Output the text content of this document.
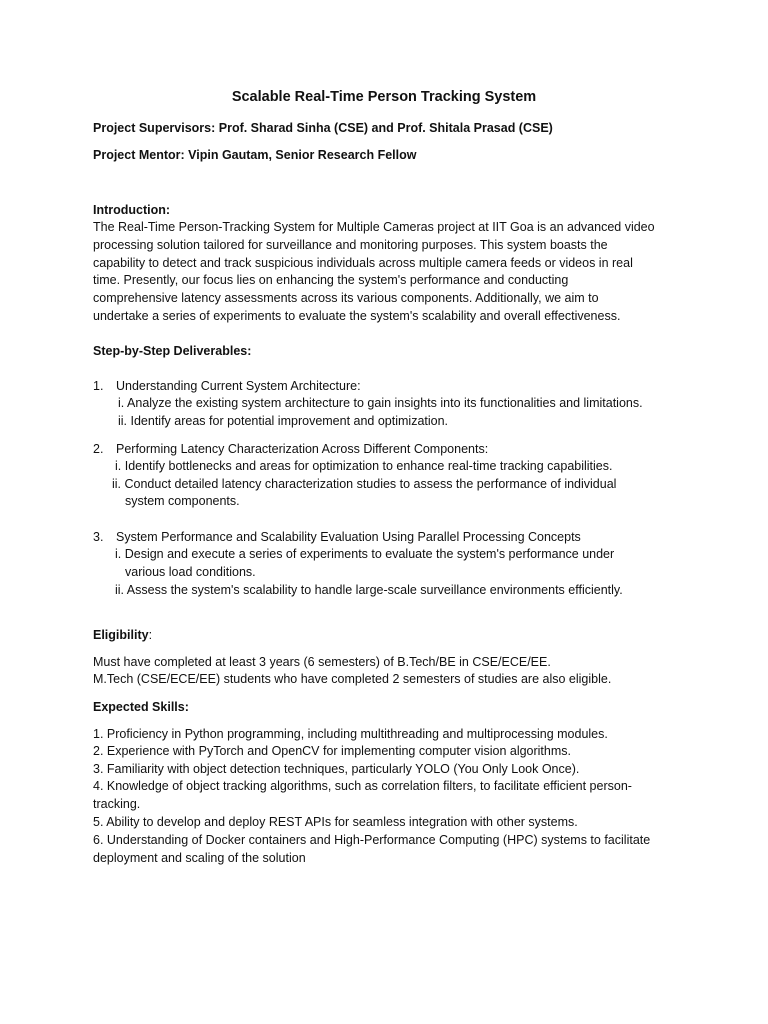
Scalable Real-Time Person Tracking System
Project Supervisors: Prof. Sharad Sinha (CSE) and Prof. Shitala Prasad (CSE)
Project Mentor: Vipin Gautam, Senior Research Fellow
Introduction:
The Real-Time Person-Tracking System for Multiple Cameras project at IIT Goa is an advanced video
processing solution tailored for surveillance and monitoring purposes. This system boasts the
capability to detect and track suspicious individuals across multiple camera feeds or videos in real
time. Presently, our focus lies on enhancing the system's performance and conducting
comprehensive latency assessments across its various components. Additionally, we aim to
undertake a series of experiments to evaluate the system's scalability and overall effectiveness.
Step-by-Step Deliverables:
1. Understanding Current System Architecture:
i. Analyze the existing system architecture to gain insights into its functionalities and limitations.
ii. Identify areas for potential improvement and optimization.
2. Performing Latency Characterization Across Different Components:
i. Identify bottlenecks and areas for optimization to enhance real-time tracking capabilities.
ii. Conduct detailed latency characterization studies to assess the performance of individual
system components.
3. System Performance and Scalability Evaluation Using Parallel Processing Concepts
i. Design and execute a series of experiments to evaluate the system's performance under
various load conditions.
ii. Assess the system's scalability to handle large-scale surveillance environments efficiently.
Eligibility:
Must have completed at least 3 years (6 semesters) of B.Tech/BE in CSE/ECE/EE.
M.Tech (CSE/ECE/EE) students who have completed 2 semesters of studies are also eligible.
Expected Skills:
1. Proficiency in Python programming, including multithreading and multiprocessing modules.
2. Experience with PyTorch and OpenCV for implementing computer vision algorithms.
3. Familiarity with object detection techniques, particularly YOLO (You Only Look Once).
4. Knowledge of object tracking algorithms, such as correlation filters, to facilitate efficient person-
tracking.
5. Ability to develop and deploy REST APIs for seamless integration with other systems.
6. Understanding of Docker containers and High-Performance Computing (HPC) systems to facilitate
deployment and scaling of the solution
